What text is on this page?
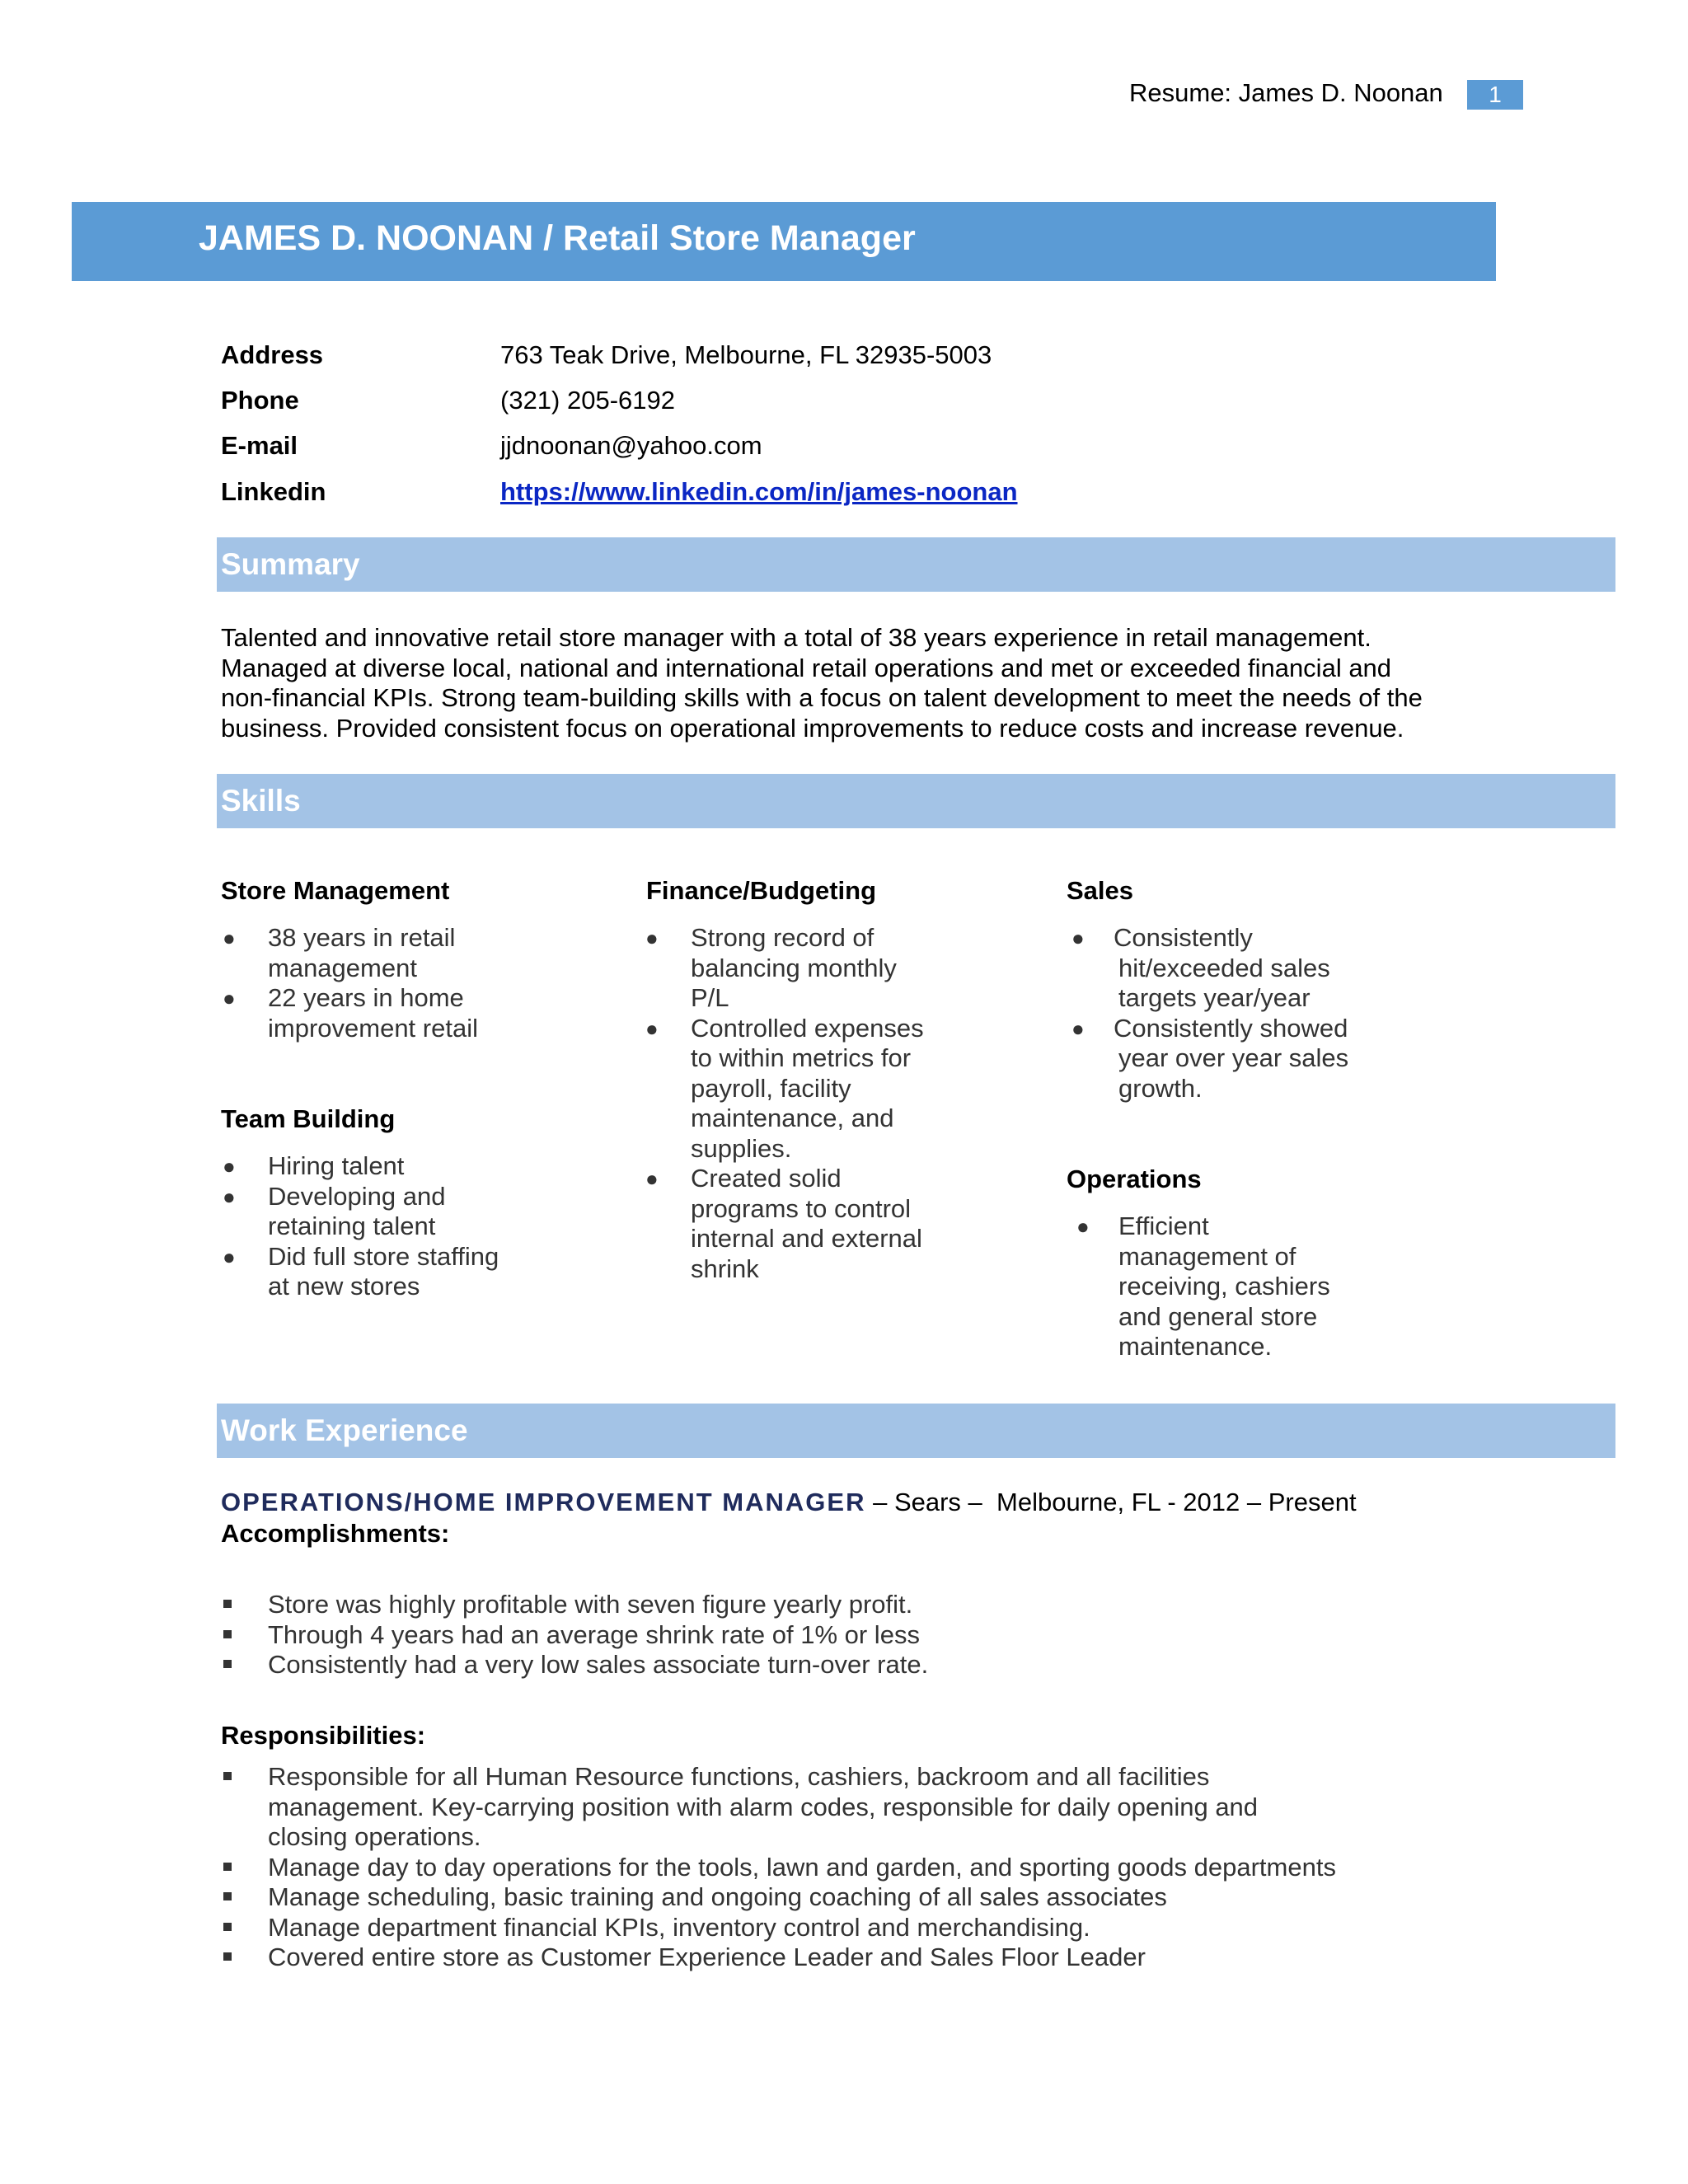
Resume: James D. Noonan	1
JAMES D. NOONAN / Retail Store Manager
Address	763 Teak Drive, Melbourne, FL 32935-5003
Phone	(321) 205-6192
E-mail	jjdnoonan@yahoo.com
Linkedin	https://www.linkedin.com/in/james-noonan
Summary
Talented and innovative retail store manager with a total of 38 years experience in retail management.
Managed at diverse local, national and international retail operations and met or exceeded financial and
non-financial KPIs. Strong team-building skills with a focus on talent development to meet the needs of the
business. Provided consistent focus on operational improvements to reduce costs and increase revenue.
Skills
Store Management
● 38 years in retail
management
● 22 years in home
improvement retail
Team Building
● Hiring talent
● Developing and
retaining talent
● Did full store staffing
at new stores
Finance/Budgeting
● Strong record of
balancing monthly
P/L
● Controlled expenses
to within metrics for
payroll, facility
maintenance, and
supplies.
● Created solid
programs to control
internal and external
shrink
Sales
● Consistently
hit/exceeded sales
targets year/year
● Consistently showed
year over year sales
growth.
Operations
● Efficient
management of
receiving, cashiers
and general store
maintenance.
Work Experience
OPERATIONS/HOME IMPROVEMENT MANAGER – Sears –  Melbourne, FL - 2012 – Present
Accomplishments:
Store was highly profitable with seven figure yearly profit.
Through 4 years had an average shrink rate of 1% or less
Consistently had a very low sales associate turn-over rate.
Responsibilities:
Responsible for all Human Resource functions, cashiers, backroom and all facilities
management. Key-carrying position with alarm codes, responsible for daily opening and
closing operations.
Manage day to day operations for the tools, lawn and garden, and sporting goods departments
Manage scheduling, basic training and ongoing coaching of all sales associates
Manage department financial KPIs, inventory control and merchandising.
Covered entire store as Customer Experience Leader and Sales Floor Leader
